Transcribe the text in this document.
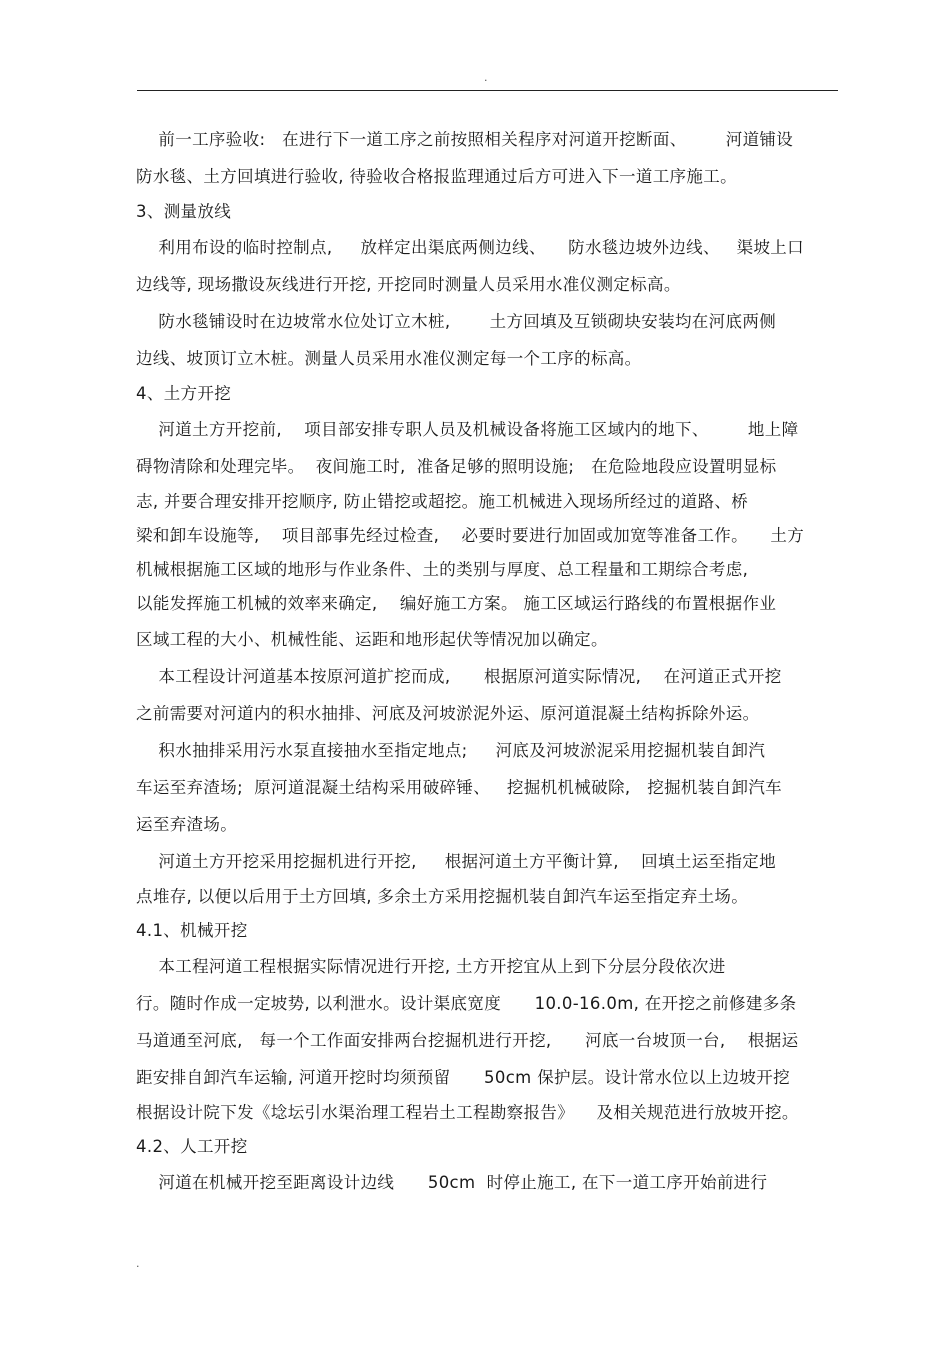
.
前一工序验收:   在进行下一道工序之前按照相关程序对河道开挖断面、       河道铺设
防水毯、土方回填进行验收, 待验收合格报监理通过后方可进入下一道工序施工。
3、测量放线
利用布设的临时控制点,     放样定出渠底两侧边线、    防水毯边坡外边线、   渠坡上口
边线等, 现场撒设灰线进行开挖, 开挖同时测量人员采用水准仪测定标高。
防水毯铺设时在边坡常水位处订立木桩,       土方回填及互锁砌块安装均在河底两侧
边线、坡顶订立木桩。测量人员采用水准仪测定每一个工序的标高。
4、土方开挖
河道土方开挖前,    项目部安排专职人员及机械设备将施工区域内的地下、       地上障
碍物清除和处理完毕。  夜间施工时,  准备足够的照明设施;   在危险地段应设置明显标
志, 并要合理安排开挖顺序, 防止错挖或超挖。施工机械进入现场所经过的道路、桥
梁和卸车设施等,    项目部事先经过检查,    必要时要进行加固或加宽等准备工作。    土方
机械根据施工区域的地形与作业条件、土的类别与厚度、总工程量和工期综合考虑,
以能发挥施工机械的效率来确定,    编好施工方案。 施工区域运行路线的布置根据作业
区域工程的大小、机械性能、运距和地形起伏等情况加以确定。
本工程设计河道基本按原河道扩挖而成,      根据原河道实际情况,    在河道正式开挖
之前需要对河道内的积水抽排、河底及河坡淤泥外运、原河道混凝土结构拆除外运。
积水抽排采用污水泵直接抽水至指定地点;     河底及河坡淤泥采用挖掘机装自卸汽
车运至弃渣场;  原河道混凝土结构采用破碎锤、   挖掘机机械破除,   挖掘机装自卸汽车
运至弃渣场。
河道土方开挖采用挖掘机进行开挖,     根据河道土方平衡计算,    回填土运至指定地
点堆存, 以便以后用于土方回填, 多余土方采用挖掘机装自卸汽车运至指定弃土场。
4.1、机械开挖
本工程河道工程根据实际情况进行开挖, 土方开挖宜从上到下分层分段依次进
行。随时作成一定坡势, 以利泄水。设计渠底宽度      10.0-16.0m, 在开挖之前修建多条
马道通至河底,   每一个工作面安排两台挖掘机进行开挖,      河底一台坡顶一台,    根据运
距安排自卸汽车运输, 河道开挖时均须预留      50cm 保护层。设计常水位以上边坡开挖
根据设计院下发《埝坛引水渠治理工程岩土工程勘察报告》    及相关规范进行放坡开挖。
4.2、人工开挖
河道在机械开挖至距离设计边线      50cm  时停止施工, 在下一道工序开始前进行
.
